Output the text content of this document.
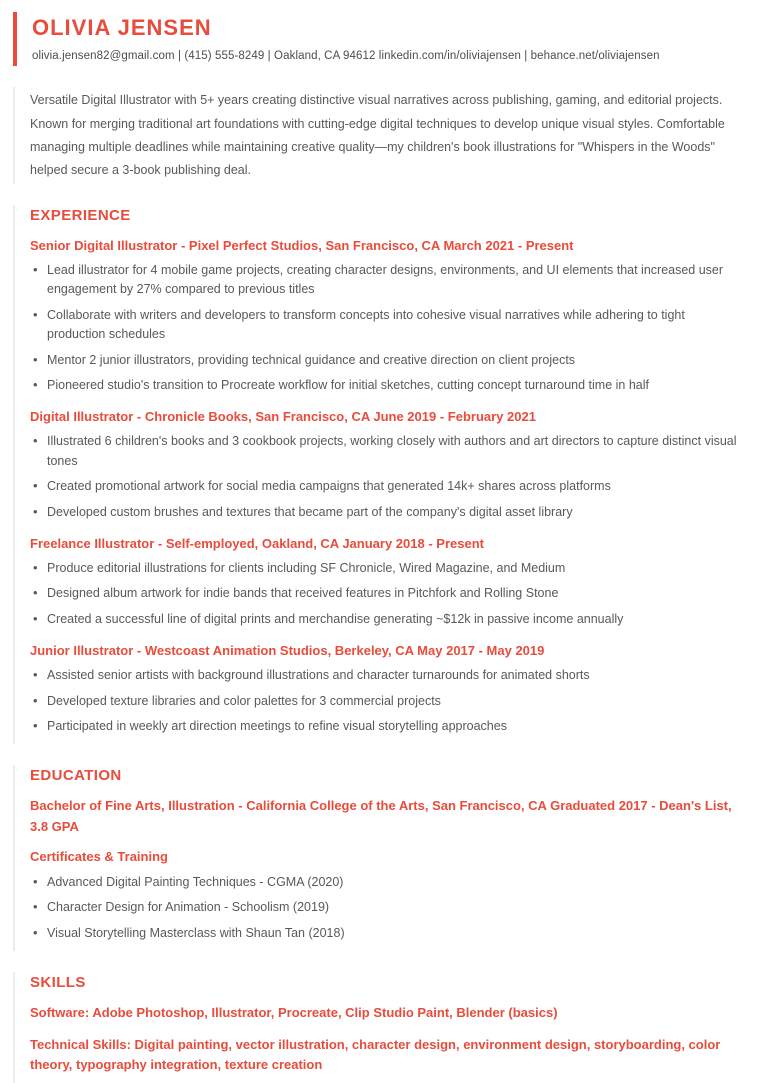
OLIVIA JENSEN
olivia.jensen82@gmail.com | (415) 555-8249 | Oakland, CA 94612 linkedin.com/in/oliviajensen | behance.net/oliviajensen
Versatile Digital Illustrator with 5+ years creating distinctive visual narratives across publishing, gaming, and editorial projects. Known for merging traditional art foundations with cutting-edge digital techniques to develop unique visual styles. Comfortable managing multiple deadlines while maintaining creative quality—my children's book illustrations for "Whispers in the Woods" helped secure a 3-book publishing deal.
EXPERIENCE
Senior Digital Illustrator - Pixel Perfect Studios, San Francisco, CA March 2021 - Present
• Lead illustrator for 4 mobile game projects, creating character designs, environments, and UI elements that increased user engagement by 27% compared to previous titles
• Collaborate with writers and developers to transform concepts into cohesive visual narratives while adhering to tight production schedules
• Mentor 2 junior illustrators, providing technical guidance and creative direction on client projects
• Pioneered studio's transition to Procreate workflow for initial sketches, cutting concept turnaround time in half
Digital Illustrator - Chronicle Books, San Francisco, CA June 2019 - February 2021
• Illustrated 6 children's books and 3 cookbook projects, working closely with authors and art directors to capture distinct visual tones
• Created promotional artwork for social media campaigns that generated 14k+ shares across platforms
• Developed custom brushes and textures that became part of the company's digital asset library
Freelance Illustrator - Self-employed, Oakland, CA January 2018 - Present
• Produce editorial illustrations for clients including SF Chronicle, Wired Magazine, and Medium
• Designed album artwork for indie bands that received features in Pitchfork and Rolling Stone
• Created a successful line of digital prints and merchandise generating ~$12k in passive income annually
Junior Illustrator - Westcoast Animation Studios, Berkeley, CA May 2017 - May 2019
• Assisted senior artists with background illustrations and character turnarounds for animated shorts
• Developed texture libraries and color palettes for 3 commercial projects
• Participated in weekly art direction meetings to refine visual storytelling approaches
EDUCATION
Bachelor of Fine Arts, Illustration - California College of the Arts, San Francisco, CA Graduated 2017 - Dean's List, 3.8 GPA
Certificates & Training
• Advanced Digital Painting Techniques - CGMA (2020)
• Character Design for Animation - Schoolism (2019)
• Visual Storytelling Masterclass with Shaun Tan (2018)
SKILLS
Software: Adobe Photoshop, Illustrator, Procreate, Clip Studio Paint, Blender (basics)
Technical Skills: Digital painting, vector illustration, character design, environment design, storyboarding, color theory, typography integration, texture creation
